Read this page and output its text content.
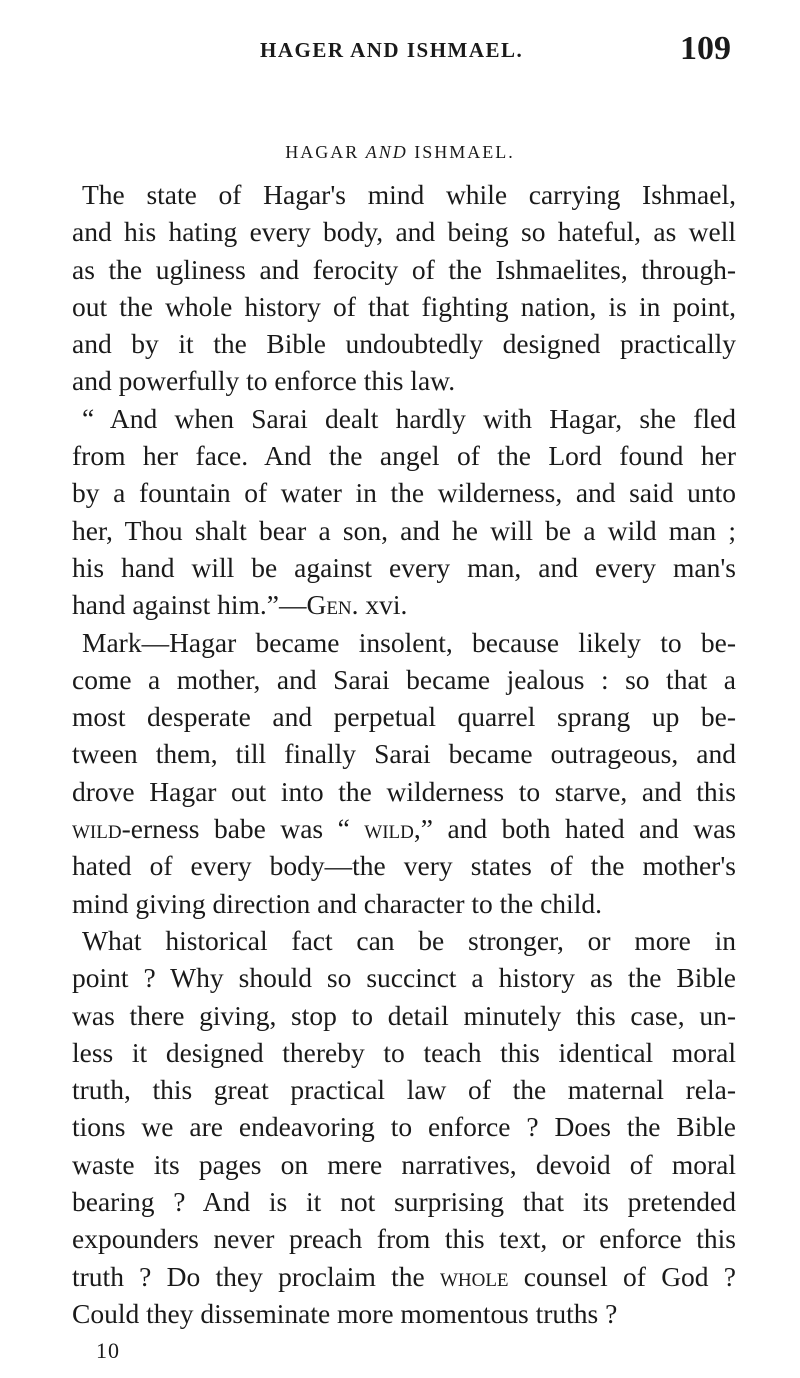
HAGER AND ISHMAEL.	109
HAGAR AND ISHMAEL.
The state of Hagar's mind while carrying Ishmael,
and his hating every body, and being so hateful, as well
as the ugliness and ferocity of the Ishmaelites, through-
out the whole history of that fighting nation, is in point,
and by it the Bible undoubtedly designed practically
and powerfully to enforce this law.
“ And when Sarai dealt hardly with Hagar, she fled
from her face. And the angel of the Lord found her
by a fountain of water in the wilderness, and said unto
her, Thou shalt bear a son, and he will be a wild man ;
his hand will be against every man, and every man's
hand against him.”—Gen. xvi.
Mark—Hagar became insolent, because likely to be-
come a mother, and Sarai became jealous : so that a
most desperate and perpetual quarrel sprang up be-
tween them, till finally Sarai became outrageous, and
drove Hagar out into the wilderness to starve, and this
wild-erness babe was “ wild,” and both hated and was
hated of every body—the very states of the mother's
mind giving direction and character to the child.
What historical fact can be stronger, or more in
point ? Why should so succinct a history as the Bible
was there giving, stop to detail minutely this case, un-
less it designed thereby to teach this identical moral
truth, this great practical law of the maternal rela-
tions we are endeavoring to enforce ? Does the Bible
waste its pages on mere narratives, devoid of moral
bearing ? And is it not surprising that its pretended
expounders never preach from this text, or enforce this
truth ? Do they proclaim the whole counsel of God ?
Could they disseminate more momentous truths ?
10
